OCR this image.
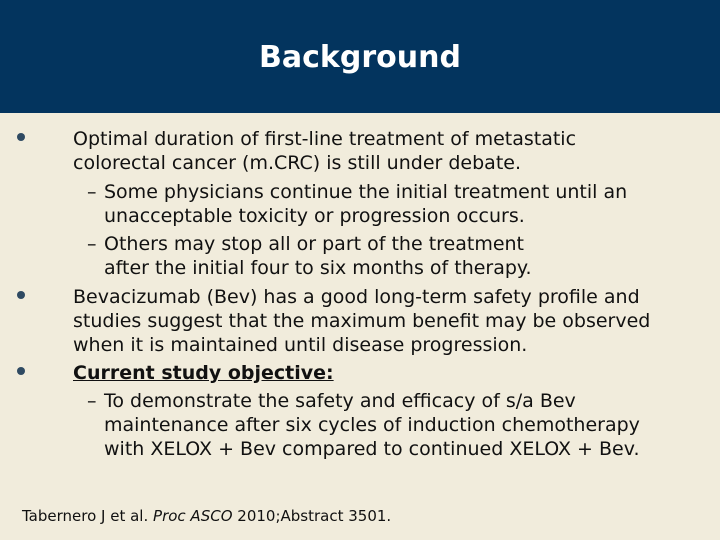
Background
Optimal duration of first-line treatment of metastatic
colorectal cancer (m.CRC) is still under debate.
– Some physicians continue the initial treatment until an
unacceptable toxicity or progression occurs.
– Others may stop all or part of the treatment
after the initial four to six months of therapy.
Bevacizumab (Bev) has a good long-term safety profile and
studies suggest that the maximum benefit may be observed
when it is maintained until disease progression.
Current study objective:
– To demonstrate the safety and efficacy of s/a Bev
maintenance after six cycles of induction chemotherapy
with XELOX + Bev compared to continued XELOX + Bev.
Tabernero J et al. Proc ASCO 2010;Abstract 3501.
